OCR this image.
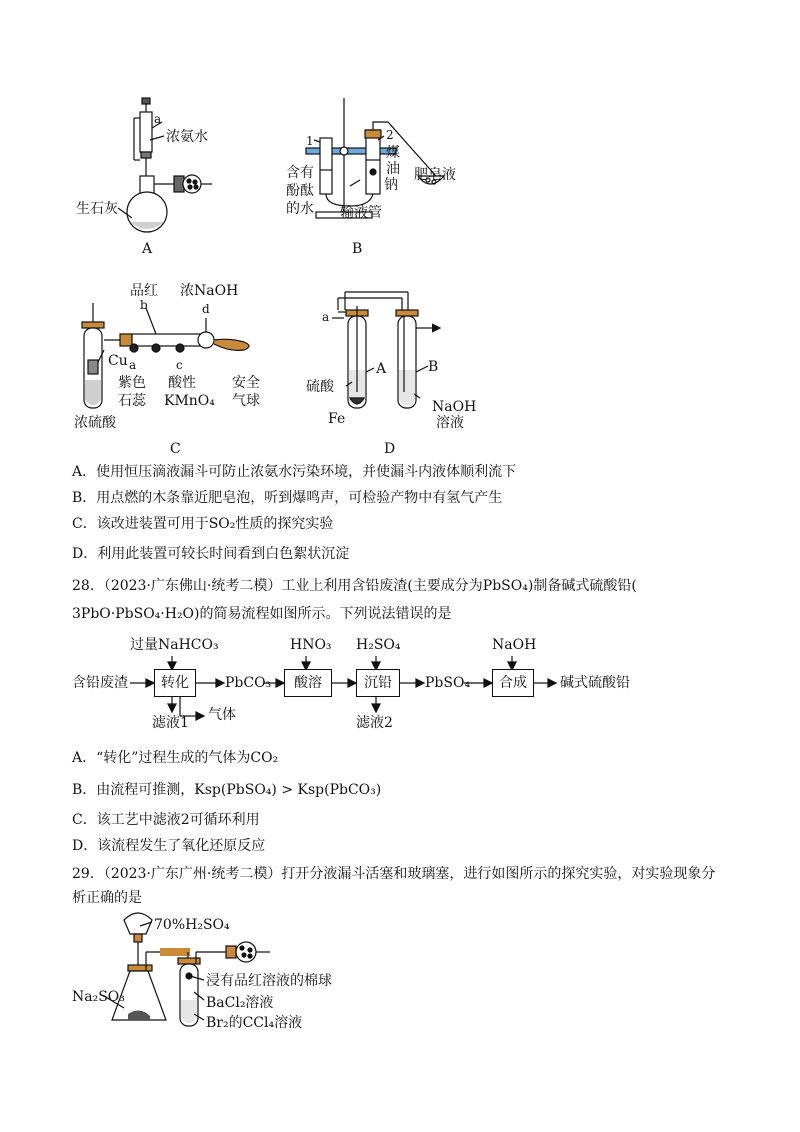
a
浓氨水
生石灰
A
1	2
煤
油
钠
肥皂液
含有
酚酞
的水 输液管
B
品红 浓NaOH
b	d
Cu a	c
紫色
石蕊
酸性
KMnO₄
安全
气球
浓硫酸
C
a
A	B
硫酸
Fe
NaOH
溶液
D
A．使用恒压滴液漏斗可防止浓氨水污染环境，并使漏斗内液体顺利流下
B．用点燃的木条靠近肥皂泡，听到爆鸣声，可检验产物中有氢气产生
C．该改进装置可用于SO₂性质的探究实验
D．利用此装置可较长时间看到白色絮状沉淀
28．（2023·广东佛山·统考二模）工业上利用含铅废渣(主要成分为PbSO₄)制备碱式硫酸铅(
3PbO·PbSO₄·H₂O)的简易流程如图所示。下列说法错误的是
过量NaHCO₃	HNO₃ H₂SO₄	NaOH
含铅废渣	转化	PbCO₃	酸溶	沉铅	PbSO₄	合成	碱式硫酸铅
滤液1 气体	滤液2
A．“转化”过程生成的气体为CO₂
B．由流程可推测，Ksp(PbSO₄) > Ksp(PbCO₃)
C．该工艺中滤液2可循环利用
D．该流程发生了氧化还原反应
29．（2023·广东广州·统考二模）打开分液漏斗活塞和玻璃塞，进行如图所示的探究实验，对实验现象分
析正确的是
70%H₂SO₄
Na₂SO₃
浸有品红溶液的棉球
BaCl₂溶液
Br₂的CCl₄溶液
